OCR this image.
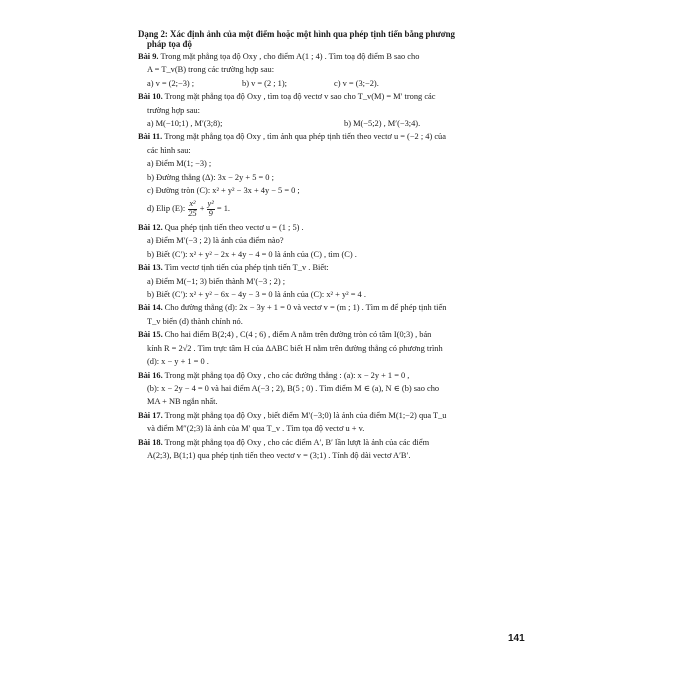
Dạng 2: Xác định ảnh của một điểm hoặc một hình qua phép tịnh tiến bằng phương
pháp tọa độ
Bài 9. Trong mặt phẳng tọa độ Oxy , cho điểm A(1 ; 4) . Tìm toạ độ điểm B sao cho
A = T_v(B) trong các trường hợp sau:
a) v = (2;−3) ;	b) v = (2 ; 1);	c) v = (3;−2).
Bài 10. Trong mặt phẳng tọa độ Oxy , tìm toạ độ vectơ v sao cho T_v(M) = M′ trong các
trường hợp sau:
a) M(−10;1) , M′(3;8);	b) M(−5;2) , M′(−3;4).
Bài 11. Trong mặt phẳng tọa độ Oxy , tìm ảnh qua phép tịnh tiến theo vectơ u = (−2 ; 4) của
các hình sau:
a) Điểm M(1; −3) ;
b) Đường thẳng (Δ): 3x − 2y + 5 = 0 ;
c) Đường tròn (C): x² + y² − 3x + 4y − 5 = 0 ;
d) Elip (E): $\frac{\text{x²}}{25} + \frac{\text{y²}}{9} = 1$.
Bài 12. Qua phép tịnh tiến theo vectơ u = (1 ; 5) .
a) Điểm M′(−3 ; 2) là ảnh của điểm nào?
b) Biết (C′): x² + y² − 2x + 4y − 4 = 0 là ảnh của (C) , tìm (C) .
Bài 13. Tìm vectơ tịnh tiến của phép tịnh tiến T_v . Biết:
a) Điểm M(−1; 3) biến thành M′(−3 ; 2) ;
b) Biết (C′): x² + y² − 6x − 4y − 3 = 0 là ảnh của (C): x² + y² = 4 .
Bài 14. Cho đường thẳng (d): 2x − 3y + 1 = 0 và vectơ v = (m ; 1) . Tìm m để phép tịnh tiến
T_v biến (d) thành chính nó.
Bài 15. Cho hai điểm B(2;4) , C(4 ; 6) , điểm A nằm trên đường tròn có tâm I(0;3) , bán
kính R = 2√2 . Tìm trực tâm H của ΔABC biết H nằm trên đường thẳng có phương trình
(d): x − y + 1 = 0 .
Bài 16. Trong mặt phẳng tọa độ Oxy , cho các đường thẳng : (a): x − 2y + 1 = 0 ,
(b): x − 2y − 4 = 0 và hai điểm A(−3 ; 2), B(5 ; 0) . Tìm điểm M ∈ (a), N ∈ (b) sao cho
MA + NB ngắn nhất.
Bài 17. Trong mặt phẳng tọa độ Oxy , biết điểm M′(−3;0) là ảnh của điểm M(1;−2) qua T_u
và điểm M″(2;3) là ảnh của M′ qua T_v . Tìm tọa độ vectơ u + v.
Bài 18. Trong mặt phẳng tọa độ Oxy , cho các điểm A′, B′ lần lượt là ảnh của các điểm
A(2;3), B(1;1) qua phép tịnh tiến theo vectơ v = (3;1) . Tính độ dài vectơ A′B′.
141
